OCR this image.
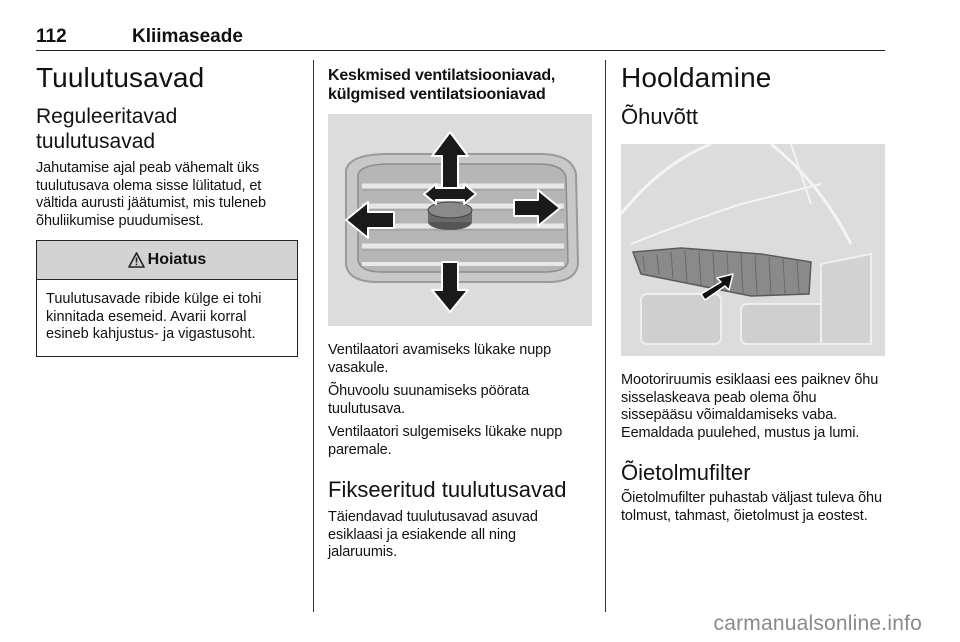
112	Kliimaseade
Tuulutusavad
Reguleeritavad tuulutusavad

Jahutamise ajal peab vähemalt üks tuulutusava olema sisse lülitatud, et vältida aurusti jäätumist, mis tuleneb õhuliikumise puudumisest.

Hoiatus
Tuulutusavade ribide külge ei tohi kinnitada esemeid. Avarii korral esineb kahjustus- ja vigastusoht.
Keskmised ventilatsiooniavad, külgmised ventilatsiooniavad

Ventilaatori avamiseks lükake nupp vasakule.

Õhuvoolu suunamiseks pöörata tuulutusava.

Ventilaatori sulgemiseks lükake nupp paremale.

Fikseeritud tuulutusavad

Täiendavad tuulutusavad asuvad esiklaasi ja esiakende all ning jalaruumis.

Hooldamine
Õhuvõtt

Mootoriruumis esiklaasi ees paiknev õhu sisselaskeava peab olema õhu sissepääsu võimaldamiseks vaba. Eemaldada puulehed, mustus ja lumi.

Õietolmufilter

Õietolmufilter puhastab väljast tuleva õhu tolmust, tahmast, õietolmust ja eostest.

carmanualsonline.info
